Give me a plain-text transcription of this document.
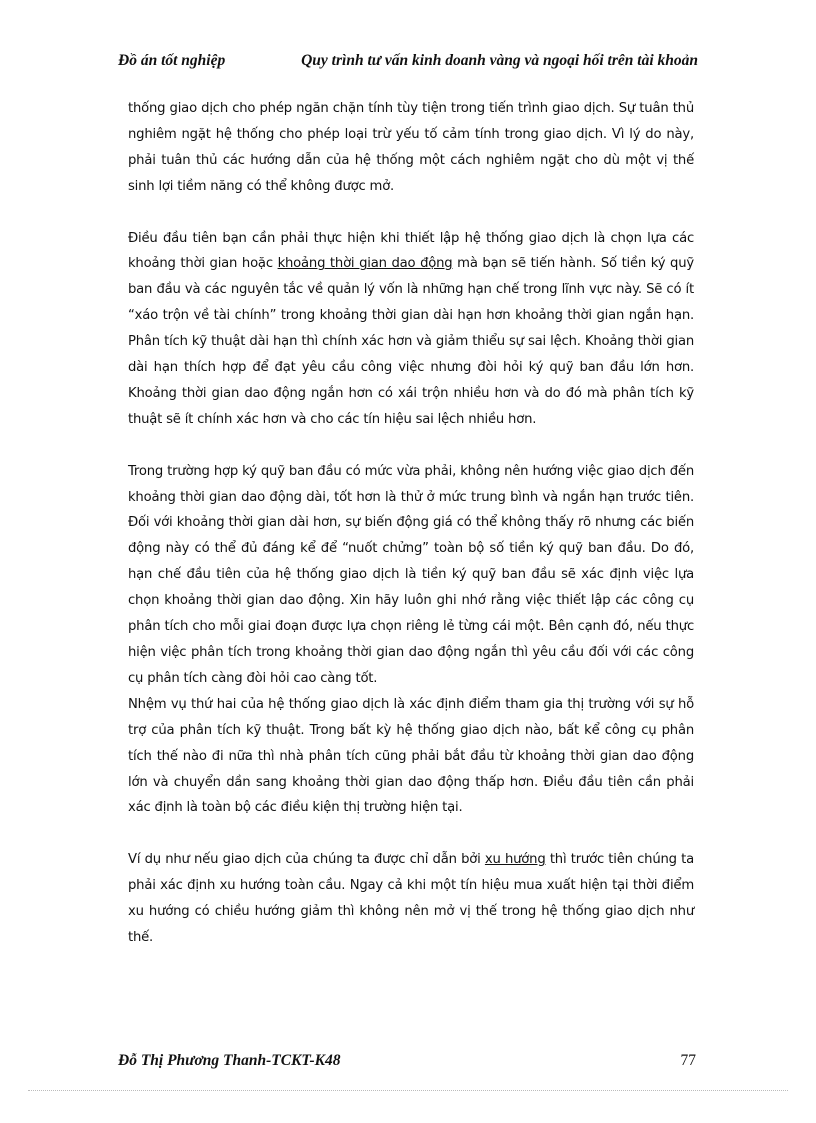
Đồ án tốt nghiệp	Quy trình tư vấn kinh doanh vàng và ngoại hối trên tài khoản

thống giao dịch cho phép ngăn chặn tính tùy tiện trong tiến trình giao dịch. Sự tuân thủ nghiêm ngặt hệ thống cho phép loại trừ yếu tố cảm tính trong giao dịch. Vì lý do này, phải tuân thủ các hướng dẫn của hệ thống một cách nghiêm ngặt cho dù một vị thế sinh lợi tiềm năng có thể không được mở.

Điều đầu tiên bạn cần phải thực hiện khi thiết lập hệ thống giao dịch là chọn lựa các khoảng thời gian hoặc khoảng thời gian dao động mà bạn sẽ tiến hành. Số tiền ký quỹ ban đầu và các nguyên tắc về quản lý vốn là những hạn chế trong lĩnh vực này. Sẽ có ít “xáo trộn về tài chính” trong khoảng thời gian dài hạn hơn khoảng thời gian ngắn hạn. Phân tích kỹ thuật dài hạn thì chính xác hơn và giảm thiểu sự sai lệch. Khoảng thời gian dài hạn thích hợp để đạt yêu cầu công việc nhưng đòi hỏi ký quỹ ban đầu lớn hơn. Khoảng thời gian dao động ngắn hơn có xái trộn nhiều hơn và do đó mà phân tích kỹ thuật sẽ ít chính xác hơn và cho các tín hiệu sai lệch nhiều hơn.

Trong trường hợp ký quỹ ban đầu có mức vừa phải, không nên hướng việc giao dịch đến khoảng thời gian dao động dài, tốt hơn là thử ở mức trung bình và ngắn hạn trước tiên. Đối với khoảng thời gian dài hơn, sự biến động giá có thể không thấy rõ nhưng các biến động này có thể đủ đáng kể để “nuốt chửng” toàn bộ số tiền ký quỹ ban đầu. Do đó, hạn chế đầu tiên của hệ thống giao dịch là tiền ký quỹ ban đầu sẽ xác định việc lựa chọn khoảng thời gian dao động. Xin hãy luôn ghi nhớ rằng việc thiết lập các công cụ phân tích cho mỗi giai đoạn được lựa chọn riêng lẻ từng cái một. Bên cạnh đó, nếu thực hiện việc phân tích trong khoảng thời gian dao động ngắn thì yêu cầu đối với các công cụ phân tích càng đòi hỏi cao càng tốt.

Nhệm vụ thứ hai của hệ thống giao dịch là xác định điểm tham gia thị trường với sự hỗ trợ của phân tích kỹ thuật. Trong bất kỳ hệ thống giao dịch nào, bất kể công cụ phân tích thế nào đi nữa thì nhà phân tích cũng phải bắt đầu từ khoảng thời gian dao động lớn và chuyển dần sang khoảng thời gian dao động thấp hơn. Điều đầu tiên cần phải xác định là toàn bộ các điều kiện thị trường hiện tại.

Ví dụ như nếu giao dịch của chúng ta được chỉ dẫn bởi xu hướng thì trước tiên chúng ta phải xác định xu hướng toàn cầu. Ngay cả khi một tín hiệu mua xuất hiện tại thời điểm xu hướng có chiều hướng giảm thì không nên mở vị thế trong hệ thống giao dịch như thế.

Đỗ Thị Phương Thanh-TCKT-K48	77
